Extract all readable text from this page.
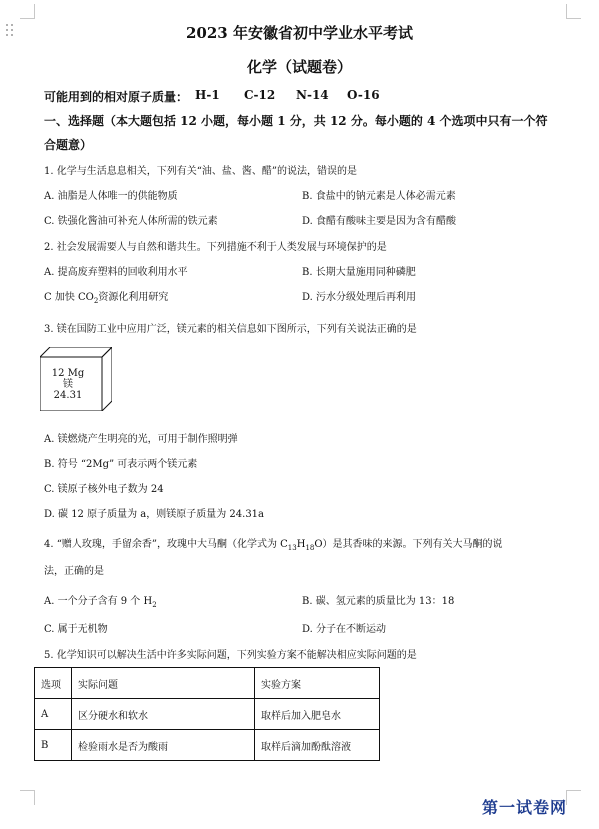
2023 年安徽省初中学业水平考试
化学（试题卷）
可能用到的相对原子质量： H-1 C-12 N-14 O-16
一、选择题（本大题包括 12 小题，每小题 1 分，共 12 分。每小题的 4 个选项中只有一个符
合题意）
1. 化学与生活息息相关，下列有关“油、盐、酱、醋”的说法，错误的是
A. 油脂是人体唯一的供能物质	B. 食盐中的钠元素是人体必需元素
C. 铁强化酱油可补充人体所需的铁元素	D. 食醋有酸味主要是因为含有醋酸
2. 社会发展需要人与自然和谐共生。下列措施不利于人类发展与环境保护的是
A. 提高废弃塑料的回收利用水平	B. 长期大量施用同种磷肥
C 加快 $CO_2$资源化利用研究	D. 污水分级处理后再利用
3. 镁在国防工业中应用广泛，镁元素的相关信息如下图所示，下列有关说法正确的是
12 Mg
镁
24.31
A. 镁燃烧产生明亮的光，可用于制作照明弹
B. 符号 “2Mg” 可表示两个镁元素
C. 镁原子核外电子数为 24
D. 碳 12 原子质量为 a，则镁原子质量为 24.31a
4. “赠人玫瑰，手留余香”，玫瑰中大马酮（化学式为 $C_{13}H_{18}O$）是其香味的来源。下列有关大马酮的说
法，正确的是
A. 一个分子含有 9 个 $H_2$	B. 碳、氢元素的质量比为 13：18
C. 属于无机物	D. 分子在不断运动
5. 化学知识可以解决生活中许多实际问题，下列实验方案不能解决相应实际问题的是
选项	实际问题	实验方案
A	区分硬水和软水	取样后加入肥皂水
B	检验雨水是否为酸雨	取样后滴加酚酞溶液
第一试卷网
